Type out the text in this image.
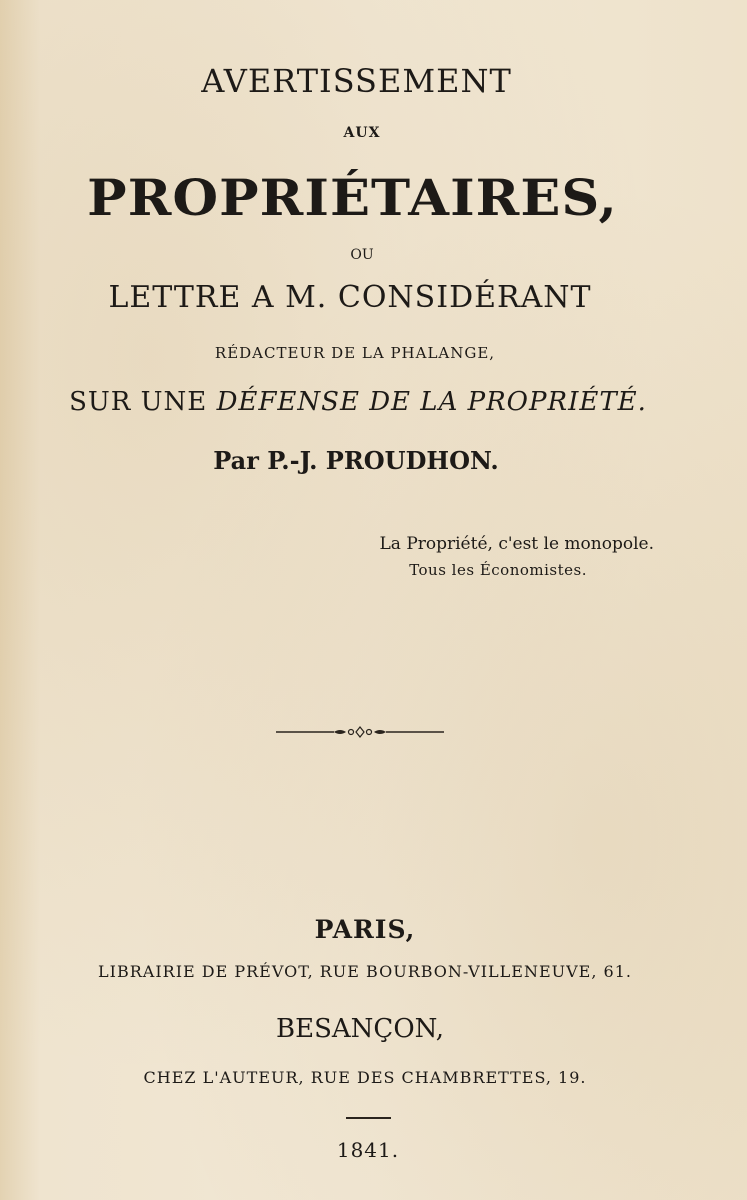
AVERTISSEMENT

AUX

PROPRIÉTAIRES,

OU

LETTRE A M. CONSIDÉRANT

RÉDACTEUR DE LA PHALANGE,

SUR UNE DÉFENSE DE LA PROPRIÉTÉ.

Par P.-J. PROUDHON.

La Propriété, c'est le monopole.

Tous les Économistes.

PARIS,

LIBRAIRIE DE PRÉVOT, RUE BOURBON-VILLENEUVE, 61.

BESANÇON,

CHEZ L'AUTEUR, RUE DES CHAMBRETTES, 19.

1841.
